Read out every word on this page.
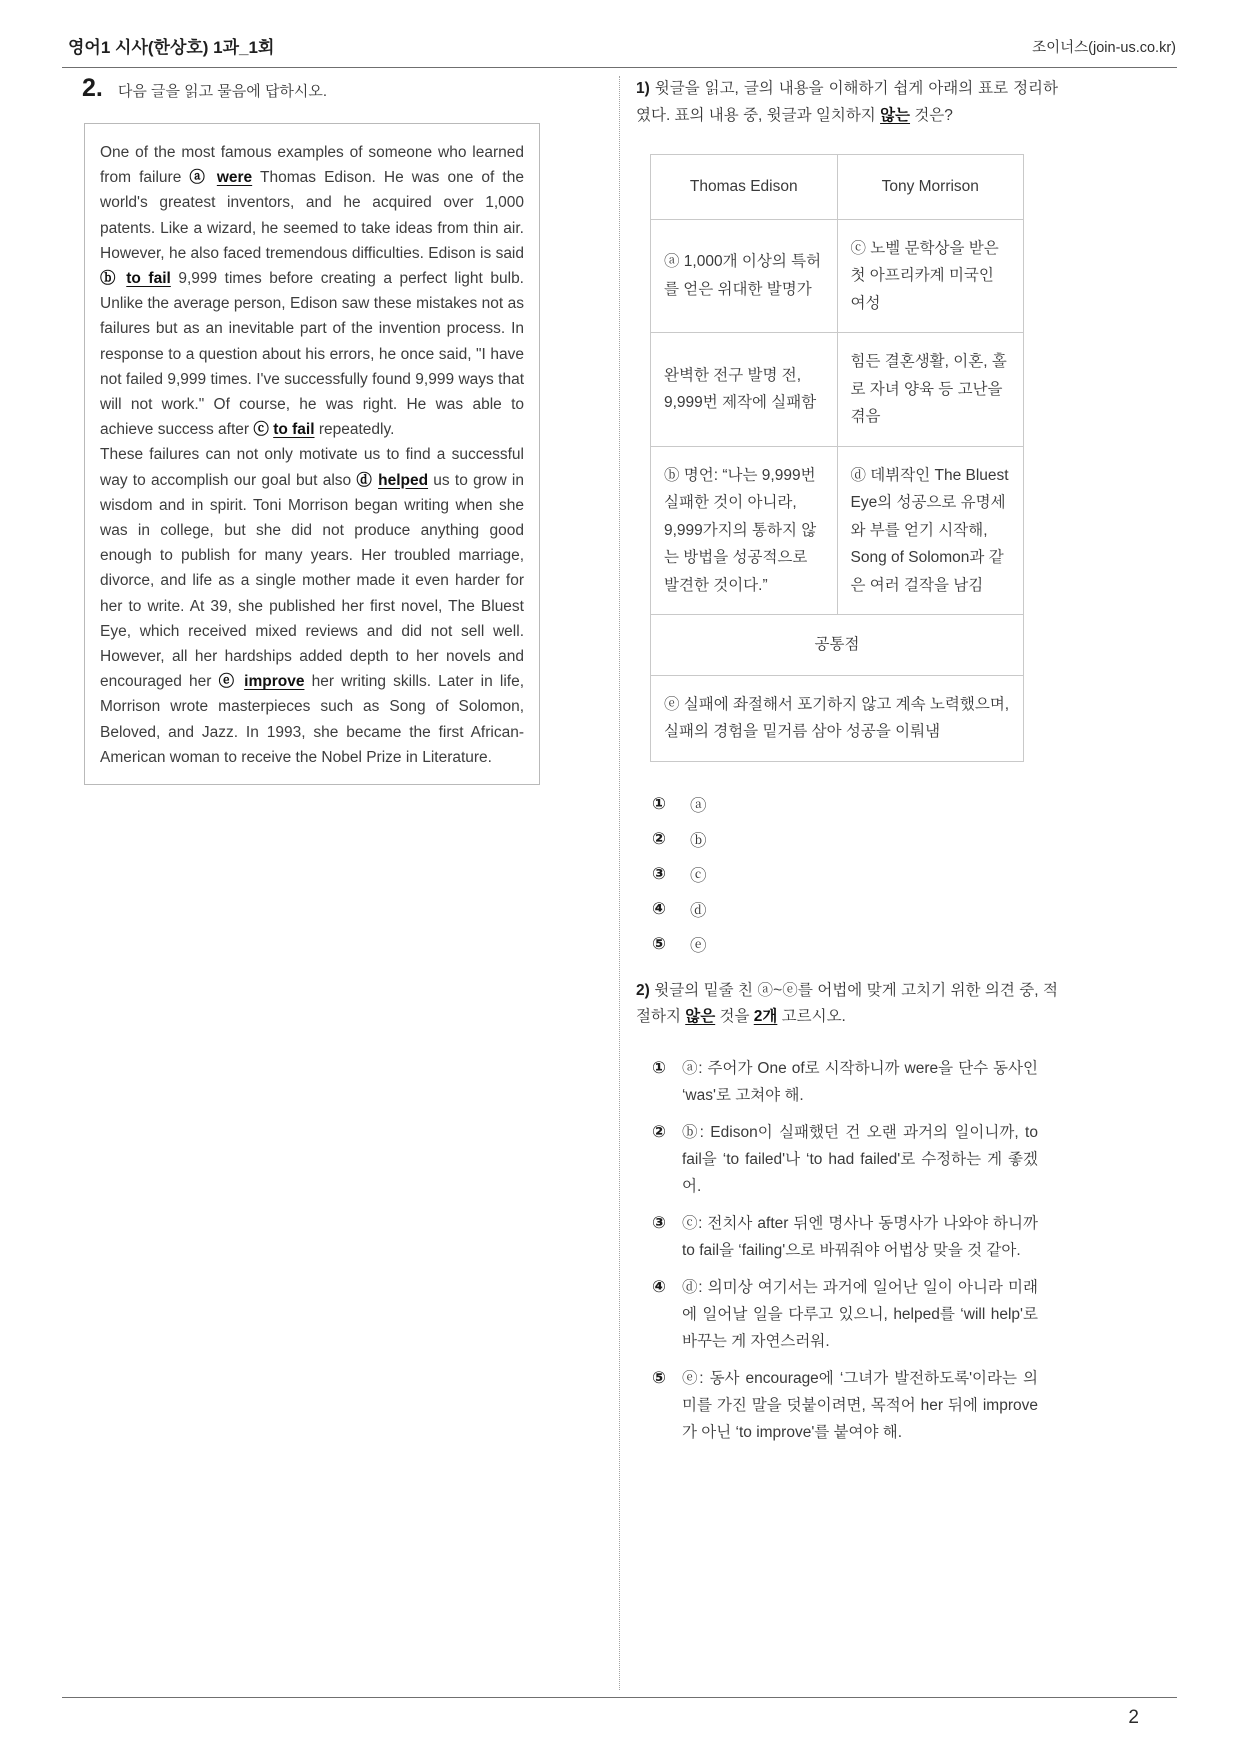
영어1 시사(한상호) 1과_1회	조이너스(join-us.co.kr)
2. 다음 글을 읽고 물음에 답하시오.

One of the most famous examples of someone who learned from failure ⓐ were Thomas Edison. He was one of the world's greatest inventors, and he acquired over 1,000 patents. Like a wizard, he seemed to take ideas from thin air. However, he also faced tremendous difficulties. Edison is said ⓑ to fail 9,999 times before creating a perfect light bulb. Unlike the average person, Edison saw these mistakes not as failures but as an inevitable part of the invention process. In response to a question about his errors, he once said, "I have not failed 9,999 times. I've successfully found 9,999 ways that will not work." Of course, he was right. He was able to achieve success after ⓒ to fail repeatedly.

These failures can not only motivate us to find a successful way to accomplish our goal but also ⓓ helped us to grow in wisdom and in spirit. Toni Morrison began writing when she was in college, but she did not produce anything good enough to publish for many years. Her troubled marriage, divorce, and life as a single mother made it even harder for her to write. At 39, she published her first novel, The Bluest Eye, which received mixed reviews and did not sell well. However, all her hardships added depth to her novels and encouraged her ⓔ improve her writing skills. Later in life, Morrison wrote masterpieces such as Song of Solomon, Beloved, and Jazz. In 1993, she became the first African-American woman to receive the Nobel Prize in Literature.

1) 윗글을 읽고, 글의 내용을 이해하기 쉽게 아래의 표로 정리하였다. 표의 내용 중, 윗글과 일치하지 않는 것은?
Thomas Edison	Tony Morrison
ⓐ 1,000개 이상의 특허를 얻은 위대한 발명가	ⓒ 노벨 문학상을 받은 첫 아프리카계 미국인 여성
완벽한 전구 발명 전, 9,999번 제작에 실패함	힘든 결혼생활, 이혼, 홀로 자녀 양육 등 고난을 겪음
ⓑ 명언: “나는 9,999번 실패한 것이 아니라, 9,999가지의 통하지 않는 방법을 성공적으로 발견한 것이다.”	ⓓ 데뷔작인 The Bluest Eye의 성공으로 유명세와 부를 얻기 시작해, Song of Solomon과 같은 여러 걸작을 남김
공통점	
ⓔ 실패에 좌절해서 포기하지 않고 계속 노력했으며, 실패의 경험을 밑거름 삼아 성공을 이뤄냄	
① ⓐ
② ⓑ
③ ⓒ
④ ⓓ
⑤ ⓔ
2) 윗글의 밑줄 친 ⓐ~ⓔ를 어법에 맞게 고치기 위한 의견 중, 적절하지 않은 것을 2개 고르시오.
① ⓐ: 주어가 One of로 시작하니까 were을 단수 동사인 ‘was'로 고쳐야 해.
② ⓑ: Edison이 실패했던 건 오랜 과거의 일이니까, to fail을 ‘to failed'나 ‘to had failed'로 수정하는 게 좋겠어.
③ ⓒ: 전치사 after 뒤엔 명사나 동명사가 나와야 하니까 to fail을 ‘failing'으로 바꿔줘야 어법상 맞을 것 같아.
④ ⓓ: 의미상 여기서는 과거에 일어난 일이 아니라 미래에 일어날 일을 다루고 있으니, helped를 ‘will help'로 바꾸는 게 자연스러워.
⑤ ⓔ: 동사 encourage에 ‘그녀가 발전하도록'이라는 의미를 가진 말을 덧붙이려면, 목적어 her 뒤에 improve가 아닌 ‘to improve'를 붙여야 해.
2
